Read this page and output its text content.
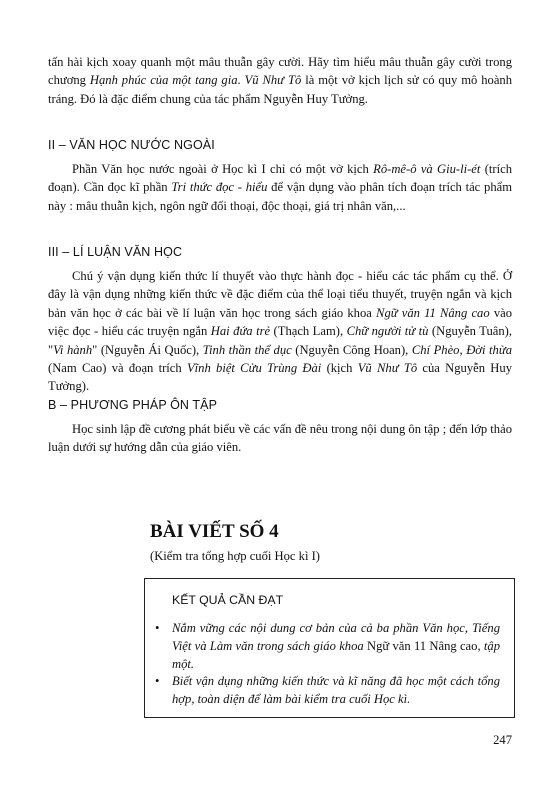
tấn hài kịch xoay quanh một mâu thuẫn gây cười. Hãy tìm hiểu mâu thuẫn gây cười trong chương Hạnh phúc của một tang gia. Vũ Như Tô là một vở kịch lịch sử có quy mô hoành tráng. Đó là đặc điểm chung của tác phẩm Nguyễn Huy Tưởng.

II – VĂN HỌC NƯỚC NGOÀI

Phần Văn học nước ngoài ở Học kì I chỉ có một vở kịch Rô-mê-ô và Giu-li-ét (trích đoạn). Cần đọc kĩ phần Tri thức đọc - hiểu để vận dụng vào phân tích đoạn trích tác phẩm này : mâu thuẫn kịch, ngôn ngữ đối thoại, độc thoại, giá trị nhân văn,...

III – LÍ LUẬN VĂN HỌC

Chú ý vận dụng kiến thức lí thuyết vào thực hành đọc - hiểu các tác phẩm cụ thể. Ở đây là vận dụng những kiến thức về đặc điểm của thể loại tiểu thuyết, truyện ngắn và kịch bản văn học ở các bài về lí luận văn học trong sách giáo khoa Ngữ văn 11 Nâng cao vào việc đọc - hiểu các truyện ngắn Hai đứa trẻ (Thạch Lam), Chữ người tử tù (Nguyễn Tuân), "Vi hành" (Nguyễn Ái Quốc), Tinh thần thể dục (Nguyễn Công Hoan), Chí Phèo, Đời thừa (Nam Cao) và đoạn trích Vĩnh biệt Cửu Trùng Đài (kịch Vũ Như Tô của Nguyễn Huy Tưởng).

B – PHƯƠNG PHÁP ÔN TẬP

Học sinh lập đề cương phát biểu về các vấn đề nêu trong nội dung ôn tập ; đến lớp thảo luận dưới sự hướng dẫn của giáo viên.

BÀI VIẾT SỐ 4

(Kiểm tra tổng hợp cuối Học kì I)

KẾT QUẢ CẦN ĐẠT

• Nắm vững các nội dung cơ bản của cả ba phần Văn học, Tiếng Việt và Làm văn trong sách giáo khoa Ngữ văn 11 Nâng cao, tập một.
• Biết vận dụng những kiến thức và kĩ năng đã học một cách tổng hợp, toàn diện để làm bài kiểm tra cuối Học kì.

247
